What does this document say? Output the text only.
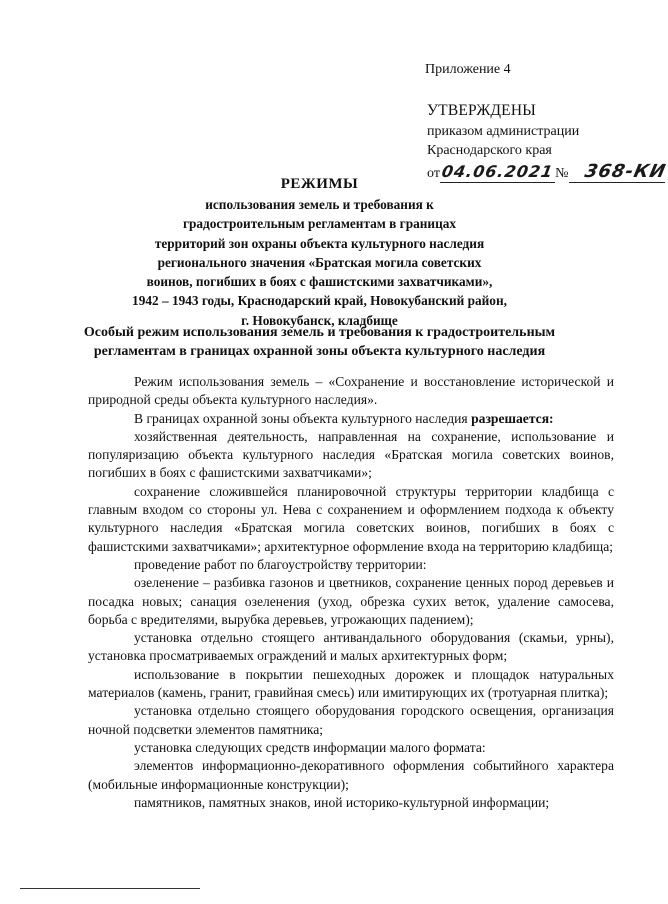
Приложение 4
УТВЕРЖДЕНЫ
приказом администрации
Краснодарского края
от 04.06.2021 № 368-КИ
РЕЖИМЫ
использования земель и требования к
градостроительным регламентам в границах
территорий зон охраны объекта культурного наследия
регионального значения «Братская могила советских
воинов, погибших в боях с фашистскими захватчиками»,
1942 – 1943 годы, Краснодарский край, Новокубанский район,
г. Новокубанск, кладбище
Особый режим использования земель и требования к градостроительным
регламентам в границах охранной зоны объекта культурного наследия

Режим использования земель – «Сохранение и восстановление исторической и природной среды объекта культурного наследия».

В границах охранной зоны объекта культурного наследия разрешается:

хозяйственная деятельность, направленная на сохранение, использование и популяризацию объекта культурного наследия «Братская могила советских воинов, погибших в боях с фашистскими захватчиками»;

сохранение сложившейся планировочной структуры территории кладбища с главным входом со стороны ул. Нева с сохранением и оформлением подхода к объекту культурного наследия «Братская могила советских воинов, погибших в боях с фашистскими захватчиками»; архитектурное оформление входа на территорию кладбища;

проведение работ по благоустройству территории:

озеленение – разбивка газонов и цветников, сохранение ценных пород деревьев и посадка новых; санация озеленения (уход, обрезка сухих веток, удаление самосева, борьба с вредителями, вырубка деревьев, угрожающих падением);

установка отдельно стоящего антивандального оборудования (скамьи, урны), установка просматриваемых ограждений и малых архитектурных форм;

использование в покрытии пешеходных дорожек и площадок натуральных материалов (камень, гранит, гравийная смесь) или имитирующих их (тротуарная плитка);

установка отдельно стоящего оборудования городского освещения, организация ночной подсветки элементов памятника;

установка следующих средств информации малого формата:

элементов информационно-декоративного оформления событийного характера (мобильные информационные конструкции);

памятников, памятных знаков, иной историко-культурной информации;
